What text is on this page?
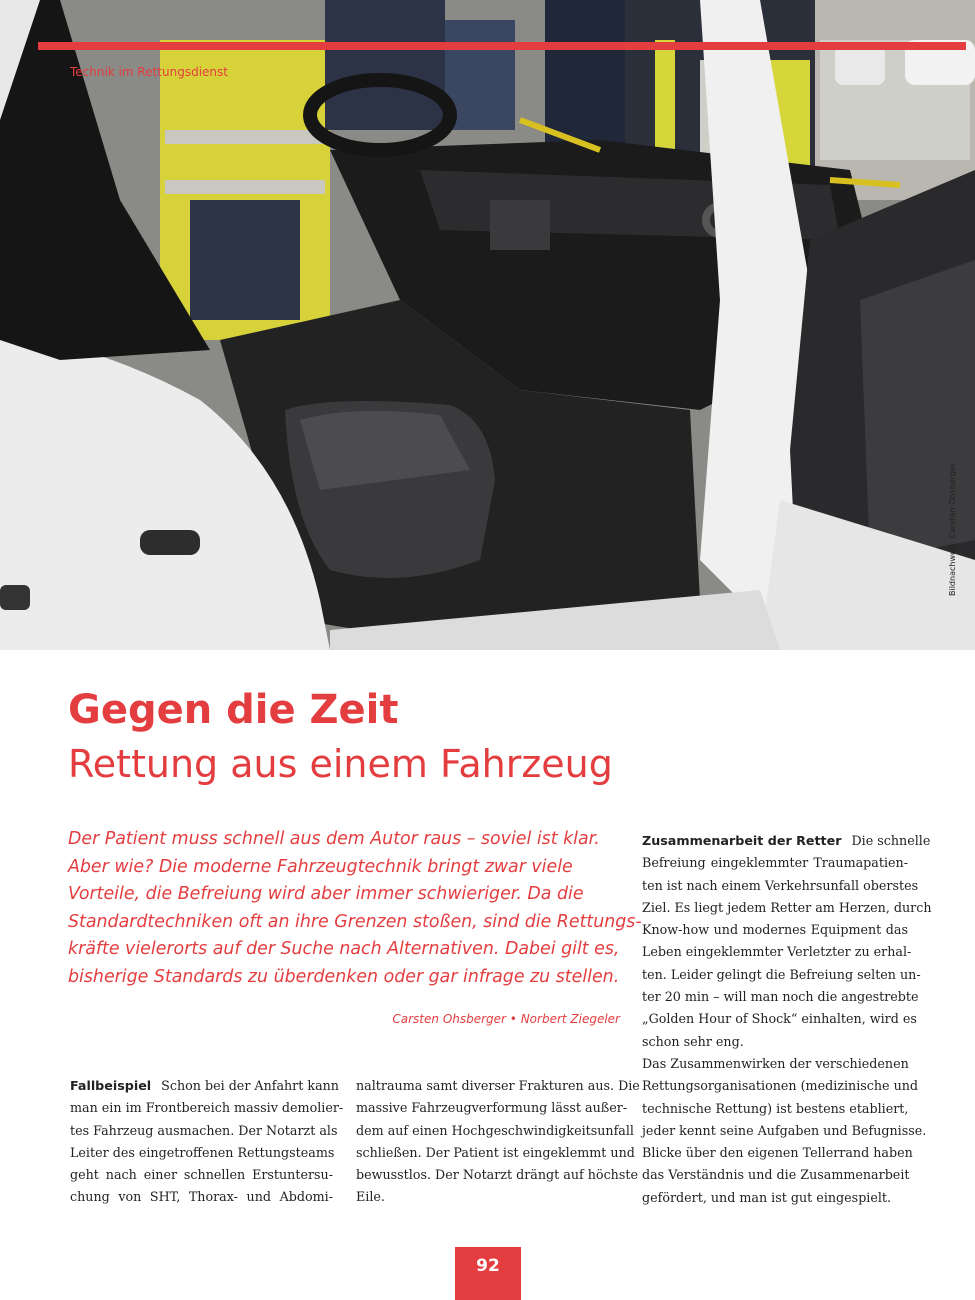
Technik im Rettungsdienst
Bildnachweis: Carsten Ohsberger
Gegen die Zeit
Rettung aus einem Fahrzeug
Der Patient muss schnell aus dem Autor raus – soviel ist klar.
Aber wie? Die moderne Fahrzeugtechnik bringt zwar viele
Vorteile, die Befreiung wird aber immer schwieriger. Da die
Standardtechniken oft an ihre Grenzen stoßen, sind die Rettungs-
kräfte vielerorts auf der Suche nach Alternativen. Dabei gilt es,
bisherige Standards zu überdenken oder gar infrage zu stellen.
Carsten Ohsberger • Norbert Ziegeler
Fallbeispiel Schon bei der Anfahrt kann
man ein im Frontbereich massiv demolier-
tes Fahrzeug ausmachen. Der Notarzt als
Leiter des eingetroffenen Rettungsteams
geht nach einer schnellen Erstuntersu-
chung von SHT, Thorax- und Abdomi-
naltrauma samt diverser Frakturen aus. Die
massive Fahrzeugverformung lässt außer-
dem auf einen Hochgeschwindigkeitsunfall
schließen. Der Patient ist eingeklemmt und
bewusstlos. Der Notarzt drängt auf höchste
Eile.
Zusammenarbeit der Retter Die schnelle
Befreiung eingeklemmter Traumapatien-
ten ist nach einem Verkehrsunfall oberstes
Ziel. Es liegt jedem Retter am Herzen, durch
Know-how und modernes Equipment das
Leben eingeklemmter Verletzter zu erhal-
ten. Leider gelingt die Befreiung selten un-
ter 20 min – will man noch die angestrebte
„Golden Hour of Shock“ einhalten, wird es
schon sehr eng.
Das Zusammenwirken der verschiedenen
Rettungsorganisationen (medizinische und
technische Rettung) ist bestens etabliert,
jeder kennt seine Aufgaben und Befugnisse.
Blicke über den eigenen Tellerrand haben
das Verständnis und die Zusammenarbeit
gefördert, und man ist gut eingespielt.
92
